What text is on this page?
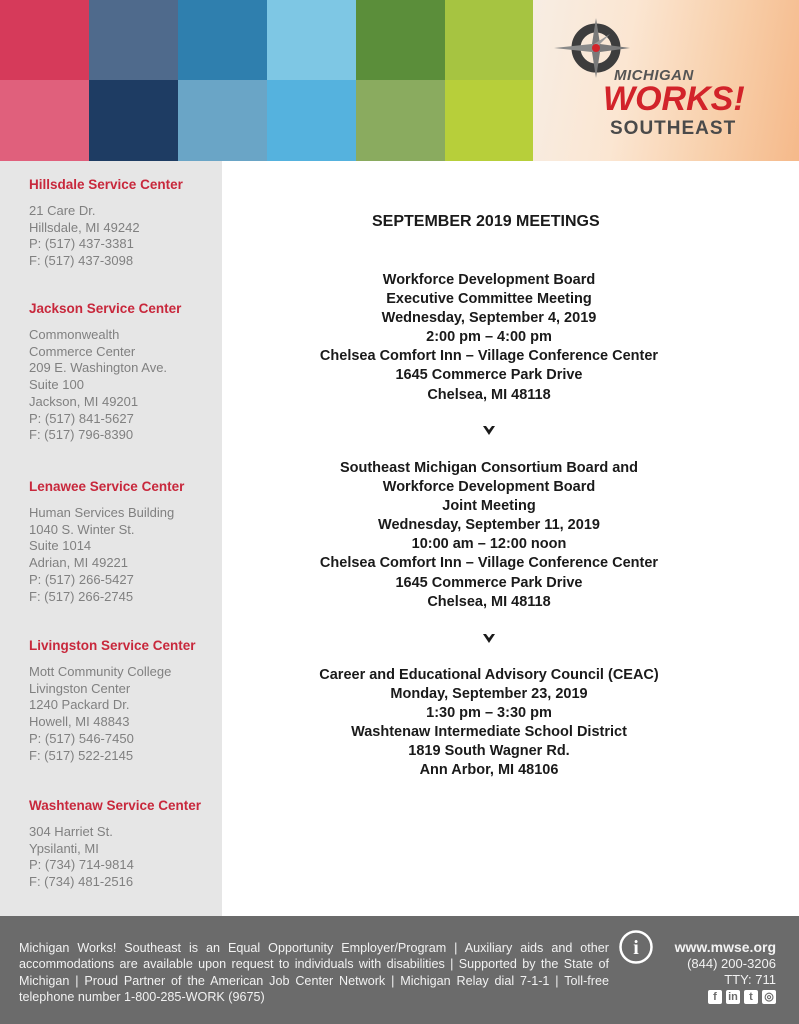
MICHIGAN
WORKS!
SOUTHEAST

Hillsdale Service Center

21 Care Dr.

Hillsdale, MI 49242

P: (517) 437-3381

F: (517) 437-3098

Jackson Service Center

Commonwealth

Commerce Center

209 E. Washington Ave.

Suite 100

Jackson, MI 49201

P: (517) 841-5627

F: (517) 796-8390

Lenawee Service Center

Human Services Building

1040 S. Winter St.

Suite 1014

Adrian, MI 49221

P: (517) 266-5427

F: (517) 266-2745

Livingston Service Center

Mott Community College

Livingston Center

1240 Packard Dr.

Howell, MI 48843

P: (517) 546-7450

F: (517) 522-2145

Washtenaw Service Center

304 Harriet St.

Ypsilanti, MI

P: (734) 714-9814

F: (734) 481-2516

SEPTEMBER 2019 MEETINGS

Workforce Development Board

Executive Committee Meeting

Wednesday, September 4, 2019

2:00 pm – 4:00 pm

Chelsea Comfort Inn – Village Conference Center

1645 Commerce Park Drive

Chelsea, MI 48118

Southeast Michigan Consortium Board and

Workforce Development Board

Joint Meeting

Wednesday, September 11, 2019

10:00 am – 12:00 noon

Chelsea Comfort Inn – Village Conference Center

1645 Commerce Park Drive

Chelsea, MI 48118

Career and Educational Advisory Council (CEAC)

Monday, September 23, 2019

1:30 pm – 3:30 pm

Washtenaw Intermediate School District

1819 South Wagner Rd.

Ann Arbor, MI 48106

Michigan Works! Southeast is an Equal Opportunity Employer/Program | Auxiliary aids and other accommodations are available upon request to individuals with disabilities | Supported by the State of Michigan | Proud Partner of the American Job Center Network | Michigan Relay dial 7-1-1 | Toll-free telephone number 1-800-285-WORK (9675)

i	www.mwse.org

(844) 200-3206

TTY: 711

f	in	t	◎
